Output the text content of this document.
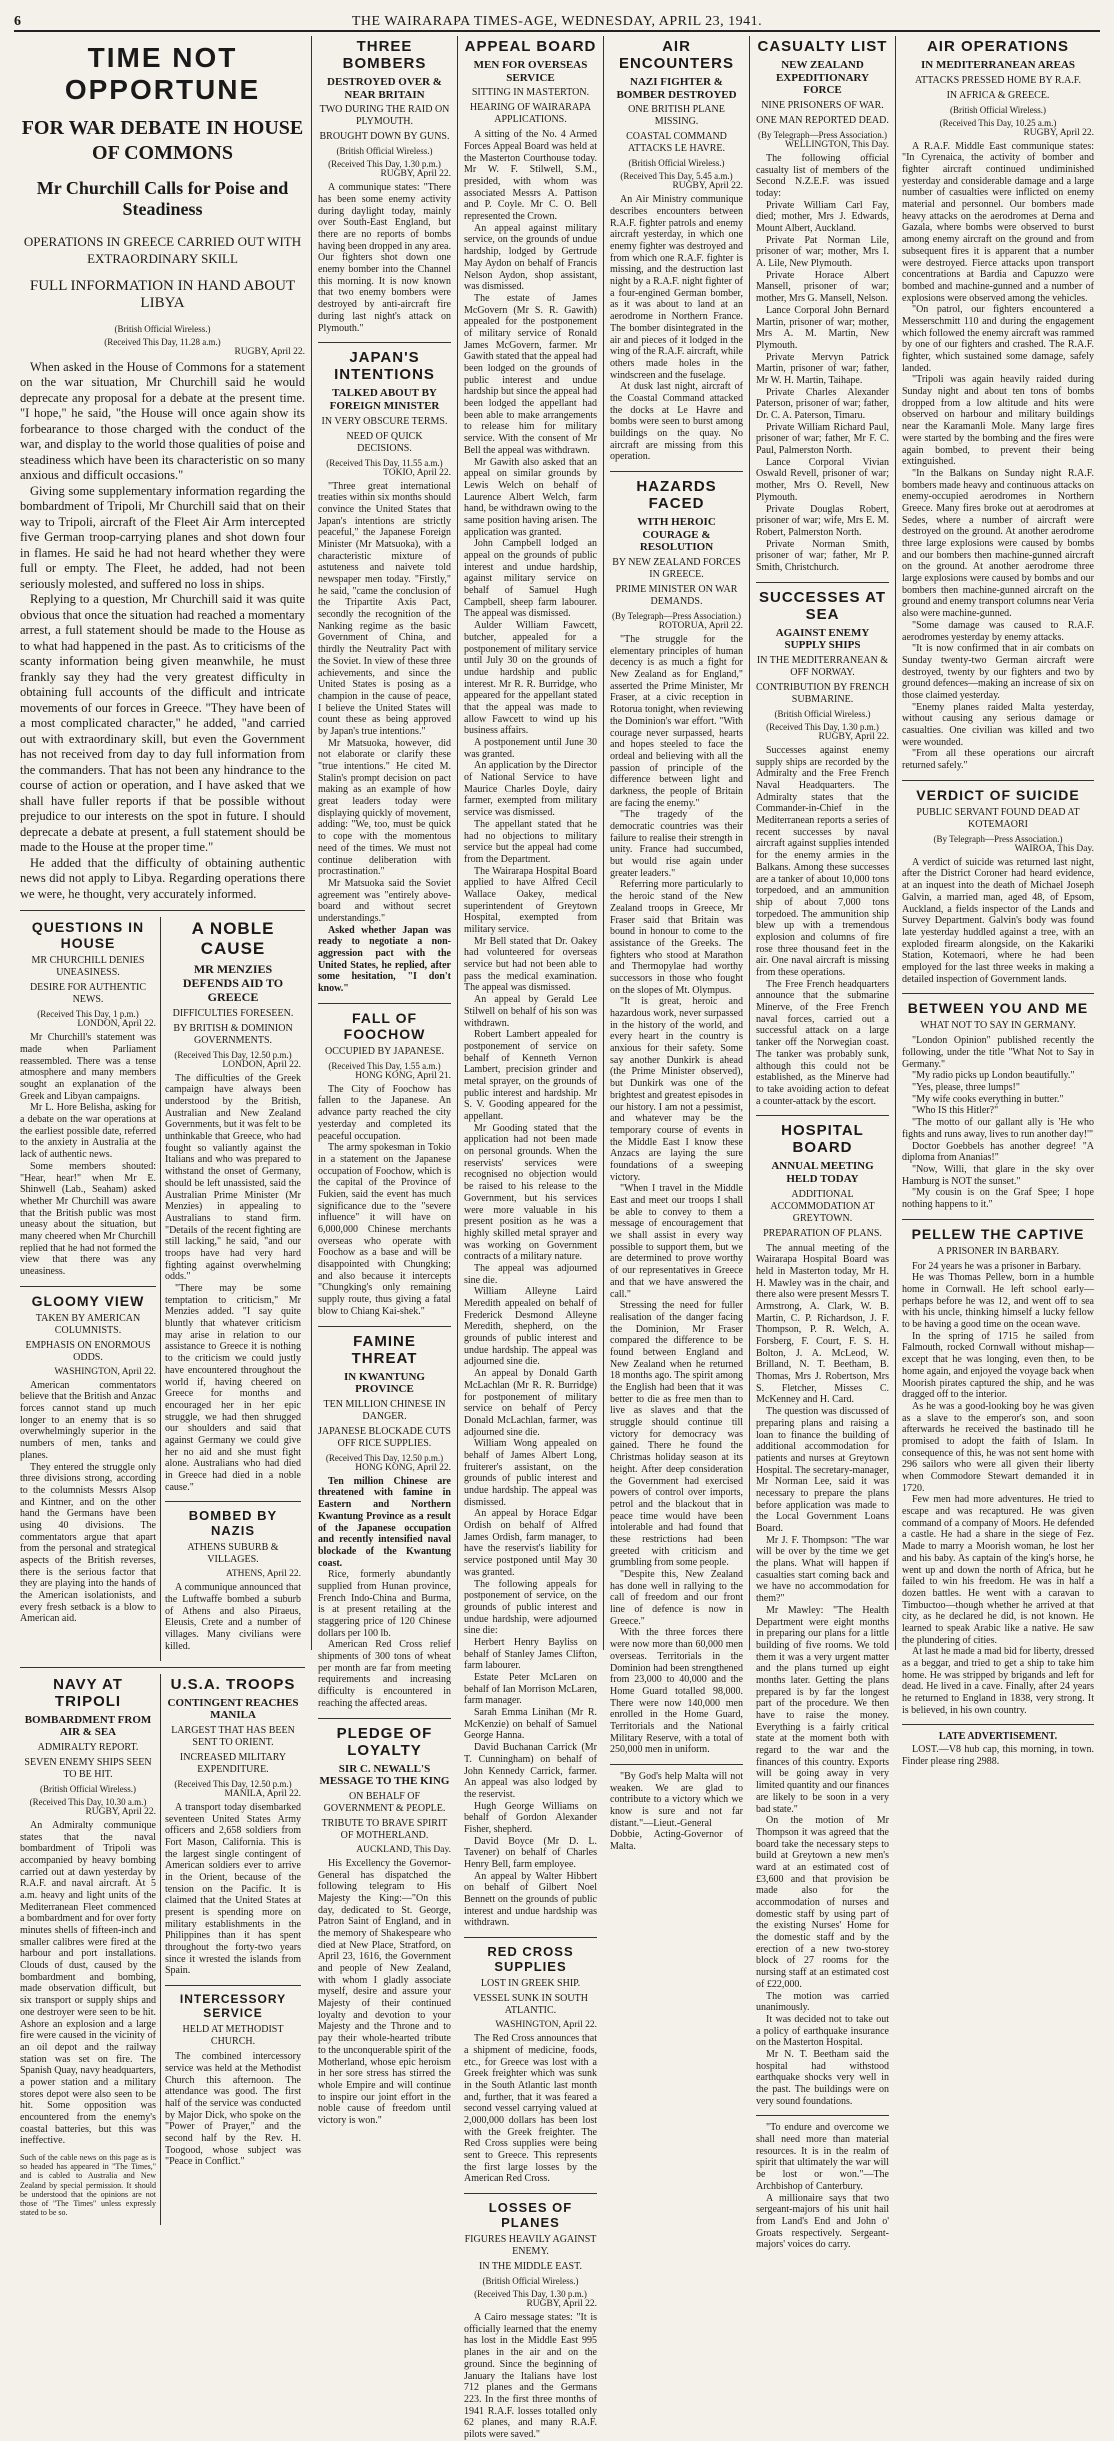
6	THE WAIRARAPA TIMES-AGE, WEDNESDAY, APRIL 23, 1941.
TIME NOT OPPORTUNE
FOR WAR DEBATE IN HOUSE OF COMMONS
Mr Churchill Calls for Poise and Steadiness
OPERATIONS IN GREECE CARRIED OUT WITH EXTRAORDINARY SKILL
FULL INFORMATION IN HAND ABOUT LIBYA
(British Official Wireless.)
(Received This Day, 11.28 a.m.)
RUGBY, April 22.

When asked in the House of Commons for a statement on the war situation, Mr Churchill said he would deprecate any proposal for a debate at the present time. "I hope," he said, "the House will once again show its forbearance to those charged with the conduct of the war, and display to the world those qualities of poise and steadiness which have been its characteristic on so many anxious and difficult occasions."

Giving some supplementary information regarding the bombardment of Tripoli, Mr Churchill said that on their way to Tripoli, aircraft of the Fleet Air Arm intercepted five German troop-carrying planes and shot down four in flames. He said he had not heard whether they were full or empty. The Fleet, he added, had not been seriously molested, and suffered no loss in ships.

Replying to a question, Mr Churchill said it was quite obvious that once the situation had reached a momentary arrest, a full statement should be made to the House as to what had happened in the past. As to criticisms of the scanty information being given meanwhile, he must frankly say they had the very greatest difficulty in obtaining full accounts of the difficult and intricate movements of our forces in Greece. "They have been of a most complicated character," he added, "and carried out with extraordinary skill, but even the Government has not received from day to day full information from the commanders. That has not been any hindrance to the course of action or operation, and I have asked that we shall have fuller reports if that be possible without prejudice to our interests on the spot in future. I should deprecate a debate at present, a full statement should be made to the House at the proper time."

He added that the difficulty of obtaining authentic news did not apply to Libya. Regarding operations there we were, he thought, very accurately informed.

QUESTIONS IN HOUSE
MR CHURCHILL DENIES UNEASINESS.
DESIRE FOR AUTHENTIC NEWS.
(Received This Day, 1 p.m.)
LONDON, April 22.

Mr Churchill's statement was made when Parliament reassembled. There was a tense atmosphere and many members sought an explanation of the Greek and Libyan campaigns.

Mr L. Hore Belisha, asking for a debate on the war operations at the earliest possible date, referred to the anxiety in Australia at the lack of authentic news.

Some members shouted: "Hear, hear!" when Mr E. Shinwell (Lab., Seaham) asked whether Mr Churchill was aware that the British public was most uneasy about the situation, but many cheered when Mr Churchill replied that he had not formed the view that there was any uneasiness.

GLOOMY VIEW
TAKEN BY AMERICAN COLUMNISTS.
EMPHASIS ON ENORMOUS ODDS.
WASHINGTON, April 22.

American commentators believe that the British and Anzac forces cannot stand up much longer to an enemy that is so overwhelmingly superior in the numbers of men, tanks and planes.

They entered the struggle only three divisions strong, according to the columnists Messrs Alsop and Kintner, and on the other hand the Germans have been using 40 divisions. The commentators argue that apart from the personal and strategical aspects of the British reverses, there is the serious factor that they are playing into the hands of the American isolationists, and every fresh setback is a blow to American aid.

A NOBLE CAUSE
MR MENZIES DEFENDS AID TO GREECE
DIFFICULTIES FORESEEN.
BY BRITISH & DOMINION GOVERNMENTS.
(Received This Day, 12.50 p.m.)
LONDON, April 22.

The difficulties of the Greek campaign have always been understood by the British, Australian and New Zealand Governments, but it was felt to be unthinkable that Greece, who had fought so valiantly against the Italians and who was prepared to withstand the onset of Germany, should be left unassisted, said the Australian Prime Minister (Mr Menzies) in appealing to Australians to stand firm. "Details of the recent fighting are still lacking," he said, "and our troops have had very hard fighting against overwhelming odds."

"There may be some temptation to criticism," Mr Menzies added. "I say quite bluntly that whatever criticism may arise in relation to our assistance to Greece it is nothing to the criticism we could justly have encountered throughout the world if, having cheered on Greece for months and encouraged her in her epic struggle, we had then shrugged our shoulders and said that against Germany we could give her no aid and she must fight alone. Australians who had died in Greece had died in a noble cause."

BOMBED BY NAZIS
ATHENS SUBURB & VILLAGES.
ATHENS, April 22.

A communique announced that the Luftwaffe bombed a suburb of Athens and also Piraeus, Eleusis, Crete and a number of villages. Many civilians were killed.

NAVY AT TRIPOLI
BOMBARDMENT FROM AIR & SEA
ADMIRALTY REPORT.
SEVEN ENEMY SHIPS SEEN TO BE HIT.
(British Official Wireless.)
(Received This Day, 10.30 a.m.)
RUGBY, April 22.

An Admiralty communique states that the naval bombardment of Tripoli was accompanied by heavy bombing carried out at dawn yesterday by R.A.F. and naval aircraft. At 5 a.m. heavy and light units of the Mediterranean Fleet commenced a bombardment and for over forty minutes shells of fifteen-inch and smaller calibres were fired at the harbour and port installations. Clouds of dust, caused by the bombardment and bombing, made observation difficult, but six transport or supply ships and one destroyer were seen to be hit. Ashore an explosion and a large fire were caused in the vicinity of an oil depot and the railway station was set on fire. The Spanish Quay, navy headquarters, a power station and a military stores depot were also seen to be hit. Some opposition was encountered from the enemy's coastal batteries, but this was ineffective.

Such of the cable news on this page as is so headed has appeared in "The Times," and is cabled to Australia and New Zealand by special permission. It should be understood that the opinions are not those of "The Times" unless expressly stated to be so.
U.S.A. TROOPS
CONTINGENT REACHES MANILA
LARGEST THAT HAS BEEN SENT TO ORIENT.
INCREASED MILITARY EXPENDITURE.
(Received This Day, 12.50 p.m.)
MANILA, April 22.

A transport today disembarked seventeen United States Army officers and 2,658 soldiers from Fort Mason, California. This is the largest single contingent of American soldiers ever to arrive in the Orient, because of the tension on the Pacific. It is claimed that the United States at present is spending more on military establishments in the Philippines than it has spent throughout the forty-two years since it wrested the islands from Spain.

INTERCESSORY SERVICE
HELD AT METHODIST CHURCH.

The combined intercessory service was held at the Methodist Church this afternoon. The attendance was good. The first half of the service was conducted by Major Dick, who spoke on the "Power of Prayer," and the second half by the Rev. H. Toogood, whose subject was "Peace in Conflict."

THREE BOMBERS
DESTROYED OVER & NEAR BRITAIN
TWO DURING THE RAID ON PLYMOUTH.
BROUGHT DOWN BY GUNS.
(British Official Wireless.)
(Received This Day, 1.30 p.m.)
RUGBY, April 22.

A communique states: "There has been some enemy activity during daylight today, mainly over South-East England, but there are no reports of bombs having been dropped in any area. Our fighters shot down one enemy bomber into the Channel this morning. It is now known that two enemy bombers were destroyed by anti-aircraft fire during last night's attack on Plymouth."

JAPAN'S INTENTIONS
TALKED ABOUT BY FOREIGN MINISTER
IN VERY OBSCURE TERMS.
NEED OF QUICK DECISIONS.
(Received This Day, 11.55 a.m.)
TOKIO, April 22.

"Three great international treaties within six months should convince the United States that Japan's intentions are strictly peaceful," the Japanese Foreign Minister (Mr Matsuoka), with a characteristic mixture of astuteness and naivete told newspaper men today. "Firstly," he said, "came the conclusion of the Tripartite Axis Pact, secondly the recognition of the Nanking regime as the basic Government of China, and thirdly the Neutrality Pact with the Soviet. In view of these three achievements, and since the United States is posing as a champion in the cause of peace, I believe the United States will count these as being approved by Japan's true intentions."

Mr Matsuoka, however, did not elaborate or clarify these "true intentions." He cited M. Stalin's prompt decision on pact making as an example of how great leaders today were displaying quickly of movement, adding: "We, too, must be quick to cope with the momentous need of the times. We must not continue deliberation with procrastination."

Mr Matsuoka said the Soviet agreement was "entirely above-board and without secret understandings."

Asked whether Japan was ready to negotiate a non-aggression pact with the United States, he replied, after some hesitation, "I don't know."

FALL OF FOOCHOW
OCCUPIED BY JAPANESE.
(Received This Day, 1.55 a.m.)
HONG KONG, April 21.

The City of Foochow has fallen to the Japanese. An advance party reached the city yesterday and completed its peaceful occupation.

The army spokesman in Tokio in a statement on the Japanese occupation of Foochow, which is the capital of the Province of Fukien, said the event has much significance due to the "severe influence" it will have on 6,000,000 Chinese merchants overseas who operate with Foochow as a base and will be disappointed with Chungking; and also because it intercepts "Chungking's only remaining supply route, thus giving a fatal blow to Chiang Kai-shek."

FAMINE THREAT
IN KWANTUNG PROVINCE
TEN MILLION CHINESE IN DANGER.
JAPANESE BLOCKADE CUTS OFF RICE SUPPLIES.
(Received This Day, 12.50 p.m.)
HONG KONG, April 22.

Ten million Chinese are threatened with famine in Eastern and Northern Kwantung Province as a result of the Japanese occupation and recently intensified naval blockade of the Kwantung coast.

Rice, formerly abundantly supplied from Hunan province, French Indo-China and Burma, is at present retailing at the staggering price of 120 Chinese dollars per 100 lb.

American Red Cross relief shipments of 300 tons of wheat per month are far from meeting requirements and increasing difficulty is encountered in reaching the affected areas.

PLEDGE OF LOYALTY
SIR C. NEWALL'S MESSAGE TO THE KING
ON BEHALF OF GOVERNMENT & PEOPLE.
TRIBUTE TO BRAVE SPIRIT OF MOTHERLAND.
AUCKLAND, This Day.

His Excellency the Governor-General has dispatched the following telegram to His Majesty the King:—"On this day, dedicated to St. George, Patron Saint of England, and in the memory of Shakespeare who died at New Place, Stratford, on April 23, 1616, the Government and people of New Zealand, with whom I gladly associate myself, desire and assure your Majesty of their continued loyalty and devotion to your Majesty and the Throne and to pay their whole-hearted tribute to the unconquerable spirit of the Motherland, whose epic heroism in her sore stress has stirred the whole Empire and will continue to inspire our joint effort in the noble cause of freedom until victory is won."

APPEAL BOARD
MEN FOR OVERSEAS SERVICE
SITTING IN MASTERTON.
HEARING OF WAIRARAPA APPLICATIONS.

A sitting of the No. 4 Armed Forces Appeal Board was held at the Masterton Courthouse today. Mr W. F. Stilwell, S.M., presided, with whom was associated Messrs A. Pattison and P. Coyle. Mr C. O. Bell represented the Crown.

An appeal against military service, on the grounds of undue hardship, lodged by Gertrude May Aydon on behalf of Francis Nelson Aydon, shop assistant, was dismissed.

The estate of James McGovern (Mr S. R. Gawith) appealed for the postponement of military service of Ronald James McGovern, farmer. Mr Gawith stated that the appeal had been lodged on the grounds of public interest and undue hardship but since the appeal had been lodged the appellant had been able to make arrangements to release him for military service. With the consent of Mr Bell the appeal was withdrawn.

Mr Gawith also asked that an appeal on similar grounds by Lewis Welch on behalf of Laurence Albert Welch, farm hand, be withdrawn owing to the same position having arisen. The application was granted.

John Campbell lodged an appeal on the grounds of public interest and undue hardship, against military service on behalf of Samuel Hugh Campbell, sheep farm labourer. The appeal was dismissed.

Aulder William Fawcett, butcher, appealed for a postponement of military service until July 30 on the grounds of undue hardship and public interest. Mr R. R. Burridge, who appeared for the appellant stated that the appeal was made to allow Fawcett to wind up his business affairs.

A postponement until June 30 was granted.

An application by the Director of National Service to have Maurice Charles Doyle, dairy farmer, exempted from military service was dismissed.

The appellant stated that he had no objections to military service but the appeal had come from the Department.

The Wairarapa Hospital Board applied to have Alfred Cecil Wallace Oakey, medical superintendent of Greytown Hospital, exempted from military service.

Mr Bell stated that Dr. Oakey had volunteered for overseas service but had not been able to pass the medical examination. The appeal was dismissed.

An appeal by Gerald Lee Stilwell on behalf of his son was withdrawn.

Robert Lambert appealed for postponement of service on behalf of Kenneth Vernon Lambert, precision grinder and metal sprayer, on the grounds of public interest and hardship. Mr S. V. Gooding appeared for the appellant.

Mr Gooding stated that the application had not been made on personal grounds. When the reservists' services were recognised no objection would be raised to his release to the Government, but his services were more valuable in his present position as he was a highly skilled metal sprayer and was working on Government contracts of a military nature.

The appeal was adjourned sine die.

William Alleyne Laird Meredith appealed on behalf of Frederick Desmond Alleyne Meredith, shepherd, on the grounds of public interest and undue hardship. The appeal was adjourned sine die.

An appeal by Donald Garth McLachlan (Mr R. R. Burridge) for postponement of military service on behalf of Percy Donald McLachlan, farmer, was adjourned sine die.

William Wong appealed on behalf of James Albert Long, fruiterer's assistant, on the grounds of public interest and undue hardship. The appeal was dismissed.

An appeal by Horace Edgar Ordish on behalf of Alfred James Ordish, farm manager, to have the reservist's liability for service postponed until May 30 was granted.

The following appeals for postponement of service, on the grounds of public interest and undue hardship, were adjourned sine die:

Herbert Henry Bayliss on behalf of Stanley James Clifton, farm labourer.

Estate Peter McLaren on behalf of Ian Morrison McLaren, farm manager.

Sarah Emma Linihan (Mr R. McKenzie) on behalf of Samuel George Hanna.

David Buchanan Carrick (Mr T. Cunningham) on behalf of John Kennedy Carrick, farmer. An appeal was also lodged by the reservist.

Hugh George Williams on behalf of Gordon Alexander Fisher, shepherd.

David Boyce (Mr D. L. Tavener) on behalf of Charles Henry Bell, farm employee.

An appeal by Walter Hibbert on behalf of Gilbert Noel Bennett on the grounds of public interest and undue hardship was withdrawn.

RED CROSS SUPPLIES
LOST IN GREEK SHIP.
VESSEL SUNK IN SOUTH ATLANTIC.
WASHINGTON, April 22.

The Red Cross announces that a shipment of medicine, foods, etc., for Greece was lost with a Greek freighter which was sunk in the South Atlantic last month and, further, that it was feared a second vessel carrying valued at 2,000,000 dollars has been lost with the Greek freighter. The Red Cross supplies were being sent to Greece. This represents the first large losses by the American Red Cross.

LOSSES OF PLANES
FIGURES HEAVILY AGAINST ENEMY.
IN THE MIDDLE EAST.
(British Official Wireless.)
(Received This Day, 1.30 p.m.)
RUGBY, April 22.

A Cairo message states: "It is officially learned that the enemy has lost in the Middle East 995 planes in the air and on the ground. Since the beginning of January the Italians have lost 712 planes and the Germans 223. In the first three months of 1941 R.A.F. losses totalled only 62 planes, and many R.A.F. pilots were saved."

AIR ENCOUNTERS
NAZI FIGHTER & BOMBER DESTROYED
ONE BRITISH PLANE MISSING.
COASTAL COMMAND ATTACKS LE HAVRE.
(British Official Wireless.)
(Received This Day, 5.45 a.m.)
RUGBY, April 22.

An Air Ministry communique describes encounters between R.A.F. fighter patrols and enemy aircraft yesterday, in which one enemy fighter was destroyed and from which one R.A.F. fighter is missing, and the destruction last night by a R.A.F. night fighter of a four-engined German bomber, as it was about to land at an aerodrome in Northern France. The bomber disintegrated in the air and pieces of it lodged in the wing of the R.A.F. aircraft, while others made holes in the windscreen and the fuselage.

At dusk last night, aircraft of the Coastal Command attacked the docks at Le Havre and bombs were seen to burst among buildings on the quay. No aircraft are missing from this operation.

HAZARDS FACED
WITH HEROIC COURAGE & RESOLUTION
BY NEW ZEALAND FORCES IN GREECE.
PRIME MINISTER ON WAR DEMANDS.
(By Telegraph—Press Association.)
ROTORUA, April 22.

"The struggle for the elementary principles of human decency is as much a fight for New Zealand as for England," asserted the Prime Minister, Mr Fraser, at a civic reception in Rotorua tonight, when reviewing the Dominion's war effort. "With courage never surpassed, hearts and hopes steeled to face the ordeal and believing with all the passion of principle of the difference between light and darkness, the people of Britain are facing the enemy."

"The tragedy of the democratic countries was their failure to realise their strength in unity. France had succumbed, but would rise again under greater leaders."

Referring more particularly to the heroic stand of the New Zealand troops in Greece, Mr Fraser said that Britain was bound in honour to come to the assistance of the Greeks. The fighters who stood at Marathon and Thermopylae had worthy successors in those who fought on the slopes of Mt. Olympus.

"It is great, heroic and hazardous work, never surpassed in the history of the world, and every heart in the country is anxious for their safety. Some say another Dunkirk is ahead (the Prime Minister observed), but Dunkirk was one of the brightest and greatest episodes in our history. I am not a pessimist, and whatever may be the temporary course of events in the Middle East I know these Anzacs are laying the sure foundations of a sweeping victory.

"When I travel in the Middle East and meet our troops I shall be able to convey to them a message of encouragement that we shall assist in every way possible to support them, but we are determined to prove worthy of our representatives in Greece and that we have answered the call."

Stressing the need for fuller realisation of the danger facing the Dominion, Mr Fraser compared the difference to be found between England and New Zealand when he returned 18 months ago. The spirit among the English had been that it was better to die as free men than to live as slaves and that the struggle should continue till victory for democracy was gained. There he found the Christmas holiday season at its height. After deep consideration the Government had exercised powers of control over imports, petrol and the blackout that in peace time would have been intolerable and had found that these restrictions had been greeted with criticism and grumbling from some people.

"Despite this, New Zealand has done well in rallying to the call of freedom and our front line of defence is now in Greece."

With the three forces there were now more than 60,000 men overseas. Territorials in the Dominion had been strengthened from 23,000 to 40,000 and the Home Guard totalled 98,000. There were now 140,000 men enrolled in the Home Guard, Territorials and the National Military Reserve, with a total of 250,000 men in uniform.

"By God's help Malta will not weaken. We are glad to contribute to a victory which we know is sure and not far distant."—Lieut.-General Dobbie, Acting-Governor of Malta.

CASUALTY LIST
NEW ZEALAND EXPEDITIONARY FORCE
NINE PRISONERS OF WAR.
ONE MAN REPORTED DEAD.
(By Telegraph—Press Association.)
WELLINGTON, This Day.

The following official casualty list of members of the Second N.Z.E.F. was issued today:

Private William Carl Fay, died; mother, Mrs J. Edwards, Mount Albert, Auckland.

Private Pat Norman Lile, prisoner of war; mother, Mrs I. A. Lile, New Plymouth.

Private Horace Albert Mansell, prisoner of war; mother, Mrs G. Mansell, Nelson.

Lance Corporal John Bernard Martin, prisoner of war; mother, Mrs A. M. Martin, New Plymouth.

Private Mervyn Patrick Martin, prisoner of war; father, Mr W. H. Martin, Taihape.

Private Charles Alexander Paterson, prisoner of war; father, Dr. C. A. Paterson, Timaru.

Private William Richard Paul, prisoner of war; father, Mr F. C. Paul, Palmerston North.

Lance Corporal Vivian Oswald Revell, prisoner of war; mother, Mrs O. Revell, New Plymouth.

Private Douglas Robert, prisoner of war; wife, Mrs E. M. Robert, Palmerston North.

Private Norman Smith, prisoner of war; father, Mr P. Smith, Christchurch.

SUCCESSES AT SEA
AGAINST ENEMY SUPPLY SHIPS
IN THE MEDITERRANEAN & OFF NORWAY.
CONTRIBUTION BY FRENCH SUBMARINE.
(British Official Wireless.)
(Received This Day, 1.30 p.m.)
RUGBY, April 22.

Successes against enemy supply ships are recorded by the Admiralty and the Free French Naval Headquarters. The Admiralty states that the Commander-in-Chief in the Mediterranean reports a series of recent successes by naval aircraft against supplies intended for the enemy armies in the Balkans. Among these successes are a tanker of about 10,000 tons torpedoed, and an ammunition ship of about 7,000 tons torpedoed. The ammunition ship blew up with a tremendous explosion and columns of fire rose three thousand feet in the air. One naval aircraft is missing from these operations.

The Free French headquarters announce that the submarine Minerve, of the Free French naval forces, carried out a successful attack on a large tanker off the Norwegian coast. The tanker was probably sunk, although this could not be established, as the Minerve had to take avoiding action to defeat a counter-attack by the escort.

HOSPITAL BOARD
ANNUAL MEETING HELD TODAY
ADDITIONAL ACCOMMODATION AT GREYTOWN.
PREPARATION OF PLANS.

The annual meeting of the Wairarapa Hospital Board was held in Masterton today, Mr H. H. Mawley was in the chair, and there also were present Messrs T. Armstrong, A. Clark, W. B. Martin, C. P. Richardson, J. F. Thompson, P. R. Welch, A. Forsberg, F. Court, F. S. H. Bolton, J. A. McLeod, W. Brilland, N. T. Beetham, B. Thomas, Mrs J. Robertson, Mrs S. Fletcher, Misses C. McKenney and H. Card.

The question was discussed of preparing plans and raising a loan to finance the building of additional accommodation for patients and nurses at Greytown Hospital. The secretary-manager, Mr Norman Lee, said it was necessary to prepare the plans before application was made to the Local Government Loans Board.

Mr J. F. Thompson: "The war will be over by the time we get the plans. What will happen if casualties start coming back and we have no accommodation for them?"

Mr Mawley: "The Health Department were eight months in preparing our plans for a little building of five rooms. We told them it was a very urgent matter and the plans turned up eight months later. Getting the plans prepared is by far the longest part of the procedure. We then have to raise the money. Everything is a fairly critical state at the moment both with regard to the war and the finances of this country. Exports will be going away in very limited quantity and our finances are likely to be soon in a very bad state."

On the motion of Mr Thompson it was agreed that the board take the necessary steps to build at Greytown a new men's ward at an estimated cost of £3,600 and that provision be made also for the accommodation of nurses and domestic staff by using part of the existing Nurses' Home for the domestic staff and by the erection of a new two-storey block of 27 rooms for the nursing staff at an estimated cost of £22,000.

The motion was carried unanimously.

It was decided not to take out a policy of earthquake insurance on the Masterton Hospital.

Mr N. T. Beetham said the hospital had withstood earthquake shocks very well in the past. The buildings were on very sound foundations.

"To endure and overcome we shall need more than material resources. It is in the realm of spirit that ultimately the war will be lost or won."—The Archbishop of Canterbury.

A millionaire says that two sergeant-majors of his unit hail from Land's End and John o' Groats respectively. Sergeant-majors' voices do carry.

AIR OPERATIONS
IN MEDITERRANEAN AREAS
ATTACKS PRESSED HOME BY R.A.F.
IN AFRICA & GREECE.
(British Official Wireless.)
(Received This Day, 10.25 a.m.)
RUGBY, April 22.

A R.A.F. Middle East communique states: "In Cyrenaica, the activity of bomber and fighter aircraft continued undiminished yesterday and considerable damage and a large number of casualties were inflicted on enemy material and personnel. Our bombers made heavy attacks on the aerodromes at Derna and Gazala, where bombs were observed to burst among enemy aircraft on the ground and from subsequent fires it is apparent that a number were destroyed. Fierce attacks upon transport concentrations at Bardia and Capuzzo were bombed and machine-gunned and a number of explosions were observed among the vehicles.

"On patrol, our fighters encountered a Messerschmitt 110 and during the engagement which followed the enemy aircraft was rammed by one of our fighters and crashed. The R.A.F. fighter, which sustained some damage, safely landed.

"Tripoli was again heavily raided during Sunday night and about ten tons of bombs dropped from a low altitude and hits were observed on harbour and military buildings near the Karamanli Mole. Many large fires were started by the bombing and the fires were again bombed, to prevent their being extinguished.

"In the Balkans on Sunday night R.A.F. bombers made heavy and continuous attacks on enemy-occupied aerodromes in Northern Greece. Many fires broke out at aerodromes at Sedes, where a number of aircraft were destroyed on the ground. At another aerodrome three large explosions were caused by bombs and our bombers then machine-gunned aircraft on the ground. At another aerodrome three large explosions were caused by bombs and our bombers then machine-gunned aircraft on the ground and enemy transport columns near Veria also were machine-gunned.

"Some damage was caused to R.A.F. aerodromes yesterday by enemy attacks.

"It is now confirmed that in air combats on Sunday twenty-two German aircraft were destroyed, twenty by our fighters and two by ground defences—making an increase of six on those claimed yesterday.

"Enemy planes raided Malta yesterday, without causing any serious damage or casualties. One civilian was killed and two were wounded.

"From all these operations our aircraft returned safely."

VERDICT OF SUICIDE
PUBLIC SERVANT FOUND DEAD AT KOTEMAORI
(By Telegraph—Press Association.)
WAIROA, This Day.

A verdict of suicide was returned last night, after the District Coroner had heard evidence, at an inquest into the death of Michael Joseph Galvin, a married man, aged 48, of Epsom, Auckland, a fields inspector of the Lands and Survey Department. Galvin's body was found late yesterday huddled against a tree, with an exploded firearm alongside, on the Kakariki Station, Kotemaori, where he had been employed for the last three weeks in making a detailed inspection of Government lands.

BETWEEN YOU AND ME
WHAT NOT TO SAY IN GERMANY.

"London Opinion" published recently the following, under the title "What Not to Say in Germany."

"My radio picks up London beautifully."

"Yes, please, three lumps!"

"My wife cooks everything in butter."

"Who IS this Hitler?"

"The motto of our gallant ally is 'He who fights and runs away, lives to run another day!'"

Doctor Goebbels has another degree! "A diploma from Ananias!"

"Now, Willi, that glare in the sky over Hamburg is NOT the sunset."

"My cousin is on the Graf Spee; I hope nothing happens to it."

PELLEW THE CAPTIVE
A PRISONER IN BARBARY.

For 24 years he was a prisoner in Barbary.

He was Thomas Pellew, born in a humble home in Cornwall. He left school early—perhaps before he was 12, and went off to sea with his uncle, thinking himself a lucky fellow to be having a good time on the ocean wave.

In the spring of 1715 he sailed from Falmouth, rocked Cornwall without mishap—except that he was longing, even then, to be home again, and enjoyed the voyage back when Moorish pirates captured the ship, and he was dragged off to the interior.

As he was a good-looking boy he was given as a slave to the emperor's son, and soon afterwards he received the bastinado till he promised to adopt the faith of Islam. In consequence of this, he was not sent home with 296 sailors who were all given their liberty when Commodore Stewart demanded it in 1720.

Few men had more adventures. He tried to escape and was recaptured. He was given command of a company of Moors. He defended a castle. He had a share in the siege of Fez. Made to marry a Moorish woman, he lost her and his baby. As captain of the king's horse, he went up and down the north of Africa, but he failed to win his freedom. He was in half a dozen battles. He went with a caravan to Timbuctoo—though whether he arrived at that city, as he declared he did, is not known. He learned to speak Arabic like a native. He saw the plundering of cities.

At last he made a mad bid for liberty, dressed as a beggar, and tried to get a ship to take him home. He was stripped by brigands and left for dead. He lived in a cave. Finally, after 24 years he returned to England in 1838, very strong. It is believed, in his own country.

LATE ADVERTISEMENT.

LOST.—V8 hub cap, this morning, in town. Finder please ring 2988.
